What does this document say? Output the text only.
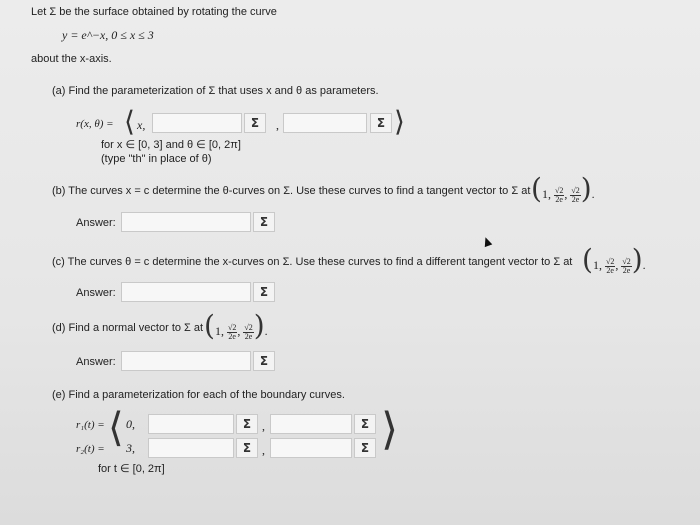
Let Σ be the surface obtained by rotating the curve
y = e^−x, 0 ≤ x ≤ 3
about the x-axis.
(a) Find the parameterization of Σ that uses x and θ as parameters.
r(x, θ) = ⟨ x,	Σ	,	Σ ⟩
for x ∈ [0, 3] and θ ∈ [0, 2π]
(type "th" in place of θ)
(b) The curves x = c determine the θ-curves on Σ. Use these curves to find a tangent vector to Σ at (1, $\frac{√2}{2e}$ , $\frac{√2}{2e}$ ).
Answer:	Σ
(c) The curves θ = c determine the x-curves on Σ. Use these curves to find a different tangent vector to Σ at (1, $\frac{√2}{2e}$ , $\frac{√2}{2e}$ ).
Answer:	Σ
(d) Find a normal vector to Σ at (1, $\frac{√2}{2e}$ , $\frac{√2}{2e}$ ).
Answer:	Σ
(e) Find a parameterization for each of the boundary curves.
⟨	⟩
r₁(t) = 0,	Σ ,	Σ
r₂(t) = 3,	Σ ,	Σ
for t ∈ [0, 2π]
